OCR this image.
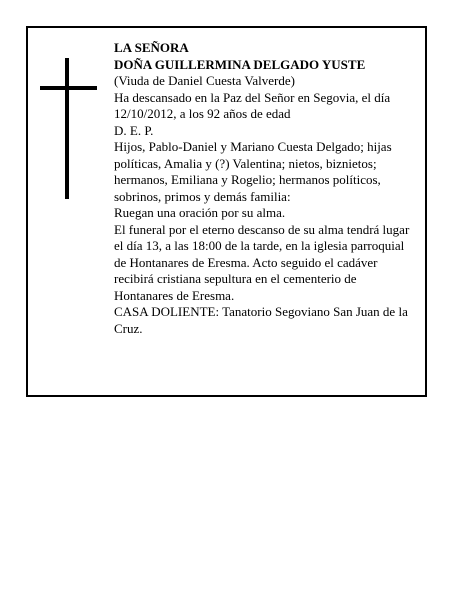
LA SEÑORA

DOÑA GUILLERMINA DELGADO YUSTE

(Viuda de Daniel Cuesta Valverde)

Ha descansado en la Paz del Señor en Segovia, el día

12/10/2012, a los 92 años de edad

D. E. P.

Hijos, Pablo-Daniel y Mariano Cuesta Delgado; hijas políticas, Amalia y (?) Valentina; nietos, biznietos; hermanos, Emiliana y Rogelio; hermanos políticos, sobrinos, primos y demás familia:

Ruegan una oración por su alma.

El funeral por el eterno descanso de su alma tendrá lugar el día 13, a las 18:00 de la tarde, en la iglesia parroquial de Hontanares de Eresma. Acto seguido el cadáver recibirá cristiana sepultura en el cementerio de Hontanares de Eresma.

CASA DOLIENTE: Tanatorio Segoviano San Juan de la Cruz.
